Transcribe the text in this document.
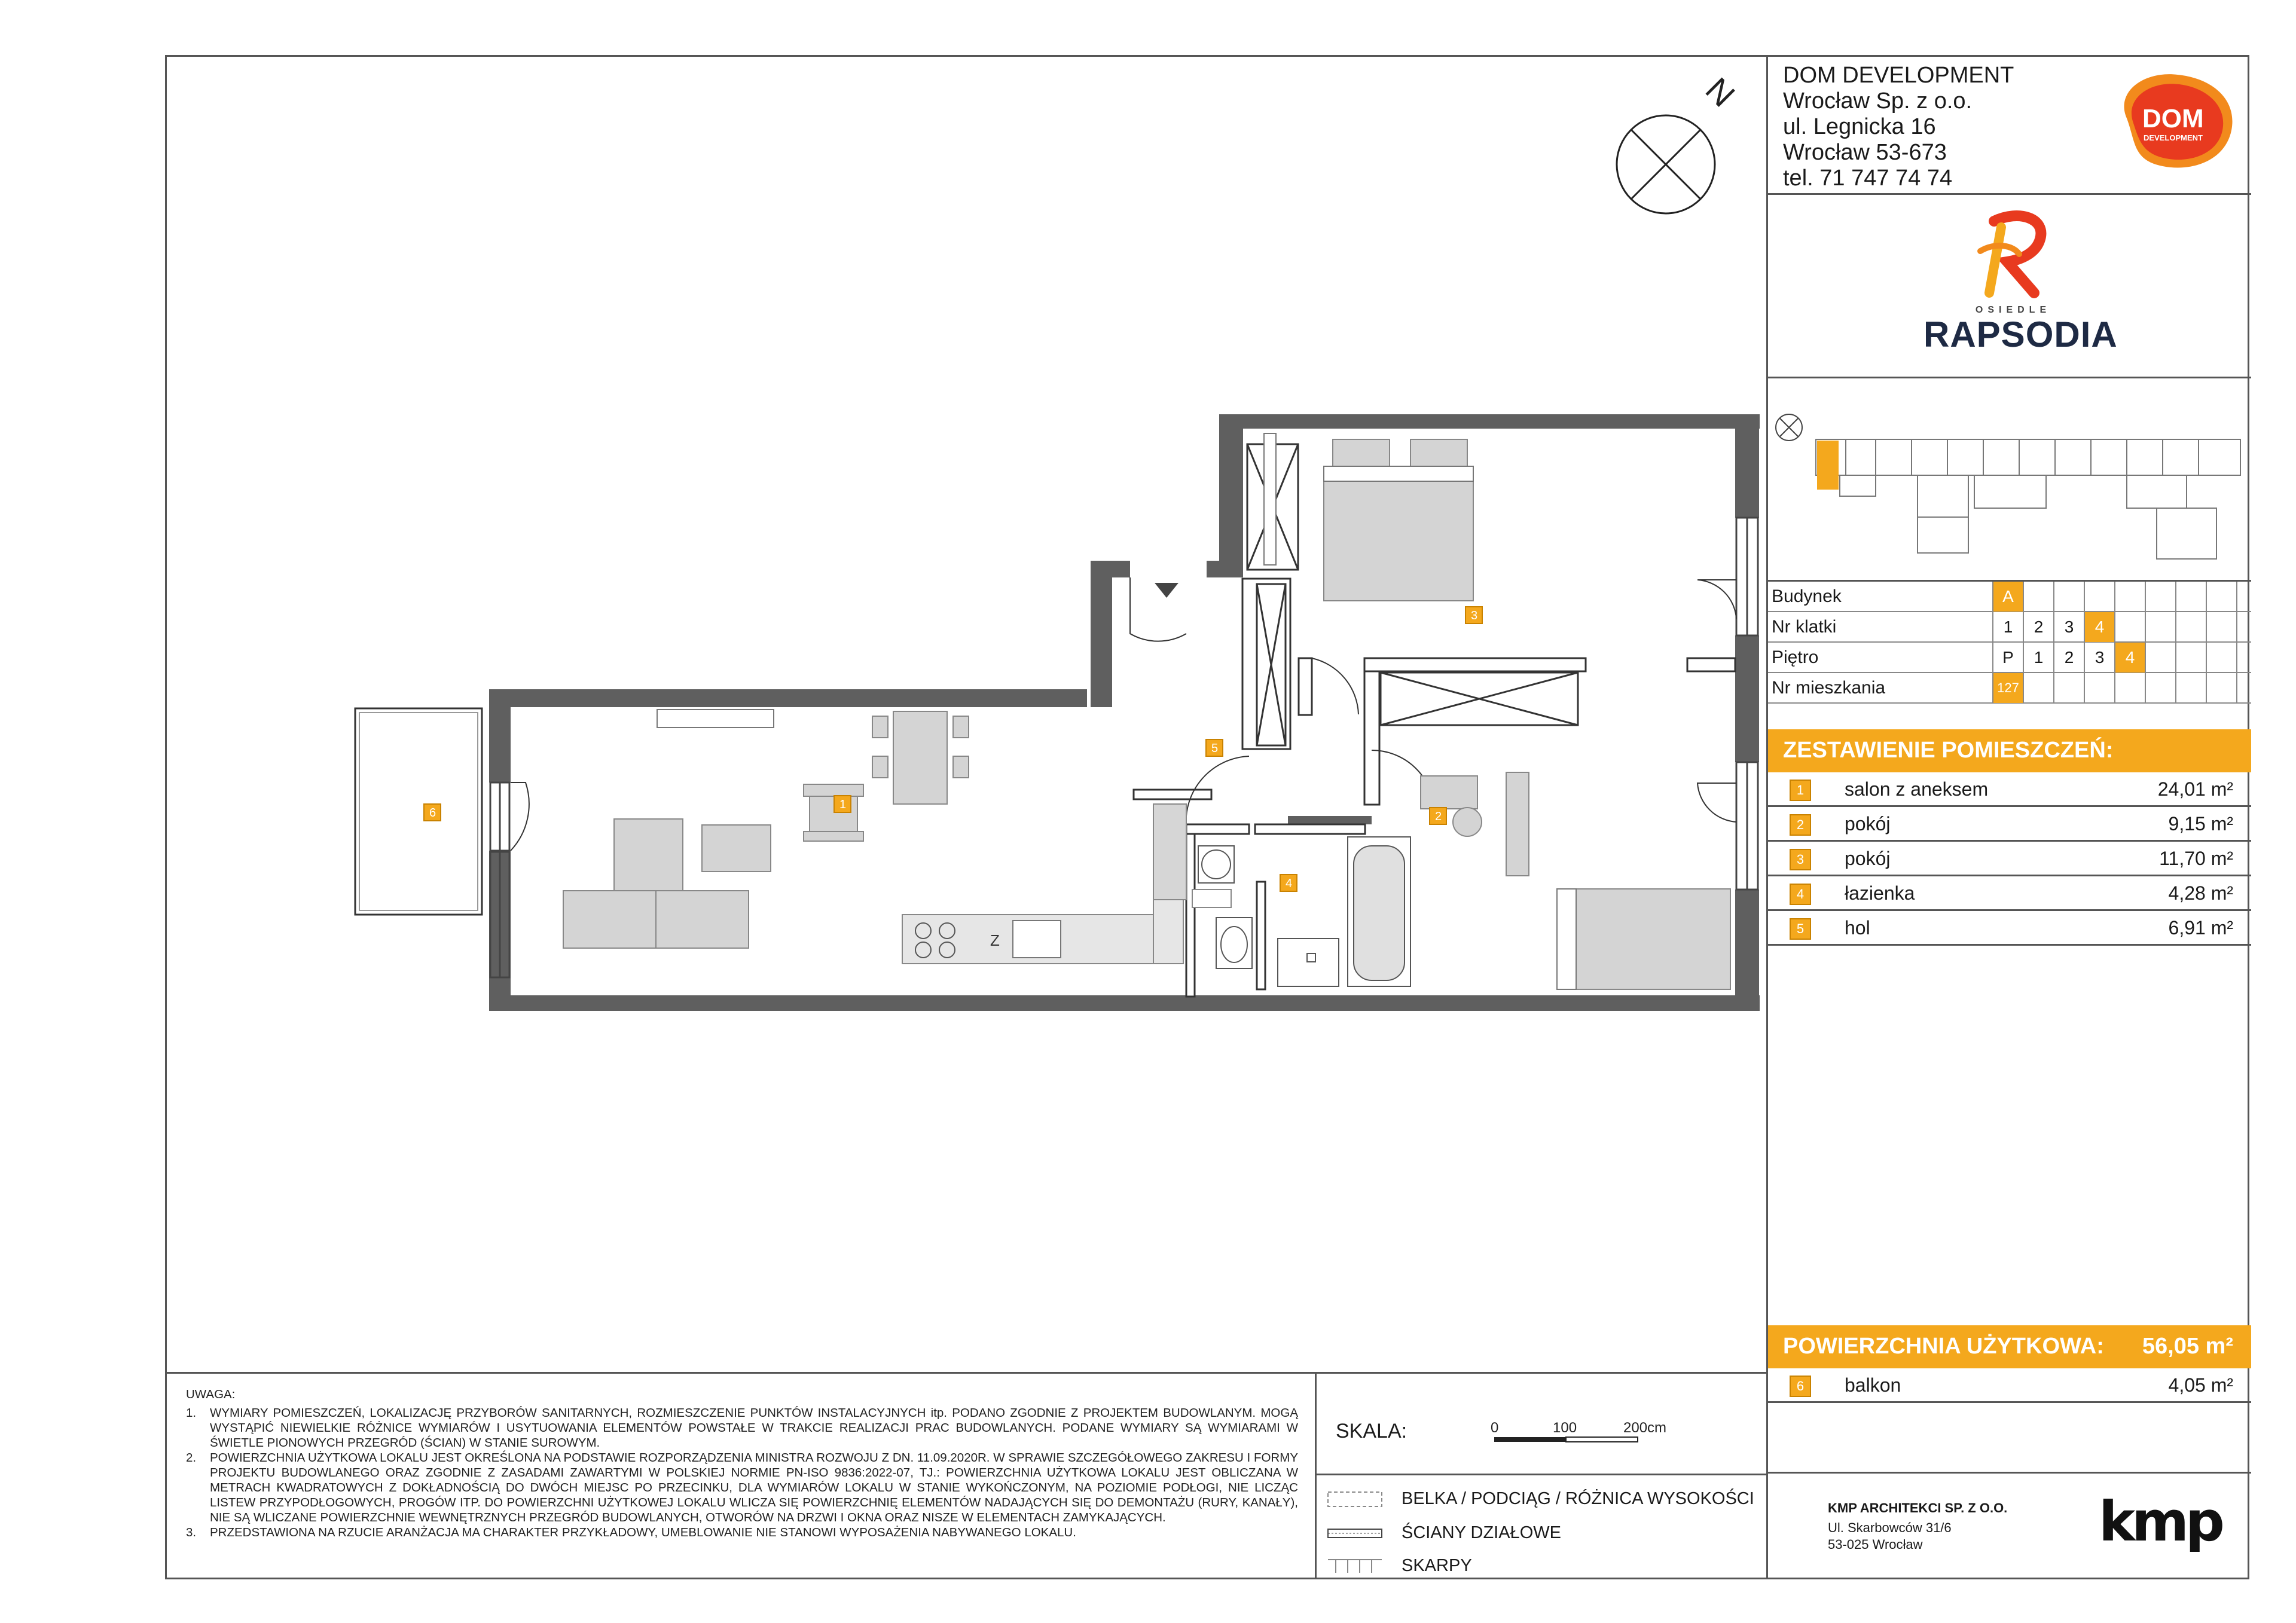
N
Z
1
2
3
4
5
6
UWAGA:
1. WYMIARY POMIESZCZEŃ, LOKALIZACJĘ PRZYBORÓW SANITARNYCH, ROZMIESZCZENIE PUNKTÓW INSTALACYJNYCH itp. PODANO ZGODNIE Z PROJEKTEM BUDOWLANYM. MOGĄ WYSTĄPIĆ NIEWIELKIE RÓŻNICE WYMIARÓW I USYTUOWANIA ELEMENTÓW POWSTAŁE W TRAKCIE REALIZACJI PRAC BUDOWLANYCH. PODANE WYMIARY SĄ WYMIARAMI W ŚWIETLE PIONOWYCH PRZEGRÓD (ŚCIAN) W STANIE SUROWYM.
2. POWIERZCHNIA UŻYTKOWA LOKALU JEST OKREŚLONA NA PODSTAWIE ROZPORZĄDZENIA MINISTRA ROZWOJU Z DN. 11.09.2020R. W SPRAWIE SZCZEGÓŁOWEGO ZAKRESU I FORMY PROJEKTU BUDOWLANEGO ORAZ ZGODNIE Z ZASADAMI ZAWARTYMI W POLSKIEJ NORMIE PN-ISO 9836:2022-07, TJ.: POWIERZCHNIA UŻYTKOWA LOKALU JEST OBLICZANA W METRACH KWADRATOWYCH Z DOKŁADNOŚCIĄ DO DWÓCH MIEJSC PO PRZECINKU, DLA WYMIARÓW LOKALU W STANIE WYKOŃCZONYM, NA POZIOMIE PODŁOGI, NIE LICZĄC LISTEW PRZYPODŁOGOWYCH, PROGÓW ITP. DO POWIERZCHNI UŻYTKOWEJ LOKALU WLICZA SIĘ POWIERZCHNIĘ ELEMENTÓW NADAJĄCYCH SIĘ DO DEMONTAŻU (RURY, KANAŁY), NIE SĄ WLICZANE POWIERZCHNIE WEWNĘTRZNYCH PRZEGRÓD BUDOWLANYCH, OTWORÓW NA DRZWI I OKNA ORAZ NISZE W ELEMENTACH ZAMYKAJĄCYCH.
3. PRZEDSTAWIONA NA RZUCIE ARANŻACJA MA CHARAKTER PRZYKŁADOWY, UMEBLOWANIE NIE STANOWI WYPOSAŻENIA NABYWANEGO LOKALU.
SKALA:	0	100	200cm
BELKA / PODCIĄG / RÓŻNICA WYSOKOŚCI
ŚCIANY DZIAŁOWE
SKARPY
DOM DEVELOPMENT
Wrocław Sp. z o.o.
ul. Legnicka 16
Wrocław 53-673
tel. 71 747 74 74
DOM
DEVELOPMENT
OSIEDLE
RAPSODIA
Budynek	A
Nr klatki	1	2	3	4
Piętro	P	1	2	3	4
Nr mieszkania	127
ZESTAWIENIE POMIESZCZEŃ:
1	salon z aneksem	24,01 m²
2	pokój	9,15 m²
3	pokój	11,70 m²
4	łazienka	4,28 m²
5	hol	6,91 m²
POWIERZCHNIA UŻYTKOWA: 56,05 m²
6	balkon	4,05 m²
KMP ARCHITEKCI SP. Z O.O.
Ul. Skarbowców 31/6
53-025 Wrocław	kmp
